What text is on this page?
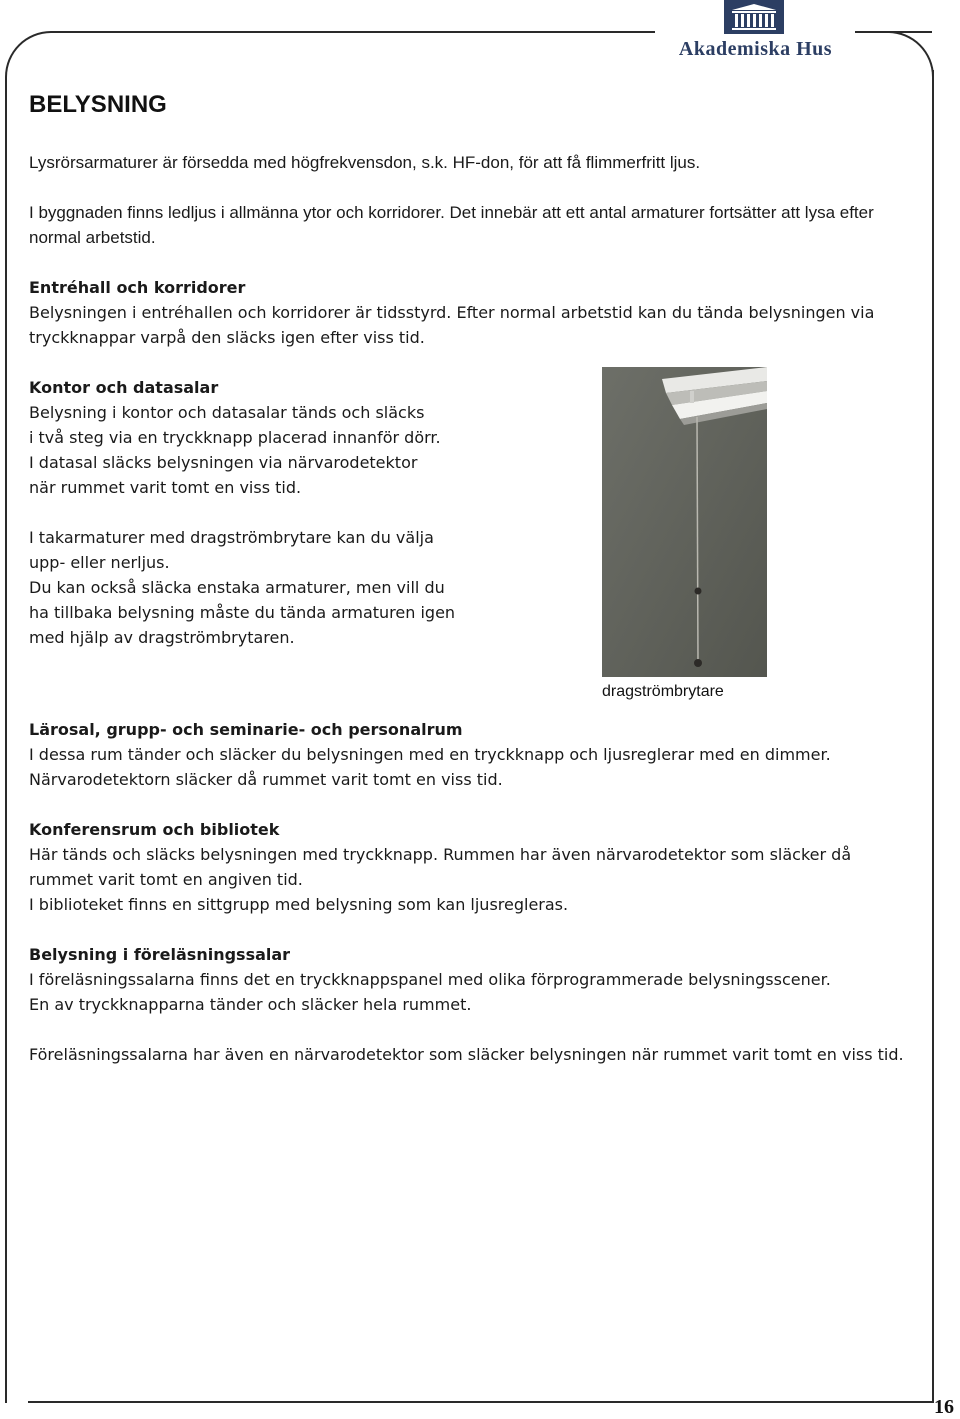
Akademiska Hus
BELYSNING

Lysrörsarmaturer är försedda med högfrekvensdon, s.k. HF-don, för att få flimmerfritt ljus.

I byggnaden finns ledljus i allmänna ytor och korridorer. Det innebär att ett antal armaturer fortsätter att lysa efter normal arbetstid.

Entréhall och korridorer
Belysningen i entréhallen och korridorer är tidsstyrd. Efter normal arbetstid kan du tända belysningen via tryckknappar varpå den släcks igen efter viss tid.

Kontor och datasalar
Belysning i kontor och datasalar tänds och släcks
i två steg via en tryckknapp placerad innanför dörr.
I datasal släcks belysningen via närvarodetektor
när rummet varit tomt en viss tid.

I takarmaturer med dragströmbrytare kan du välja
upp- eller nerljus.
Du kan också släcka enstaka armaturer, men vill du
ha tillbaka belysning måste du tända armaturen igen
med hjälp av dragströmbrytaren.

dragströmbrytare

Lärosal, grupp- och seminarie- och personalrum
I dessa rum tänder och släcker du belysningen med en tryckknapp och ljusreglerar med en dimmer.
Närvarodetektorn släcker då rummet varit tomt en viss tid.

Konferensrum och bibliotek
Här tänds och släcks belysningen med tryckknapp. Rummen har även närvarodetektor som släcker då rummet varit tomt en angiven tid.
I biblioteket finns en sittgrupp med belysning som kan ljusregleras.

Belysning i föreläsningssalar
I föreläsningssalarna finns det en tryckknappspanel med olika förprogrammerade belysningsscener.
En av tryckknapparna tänder och släcker hela rummet.

Föreläsningssalarna har även en närvarodetektor som släcker belysningen när rummet varit tomt en viss tid.

16
